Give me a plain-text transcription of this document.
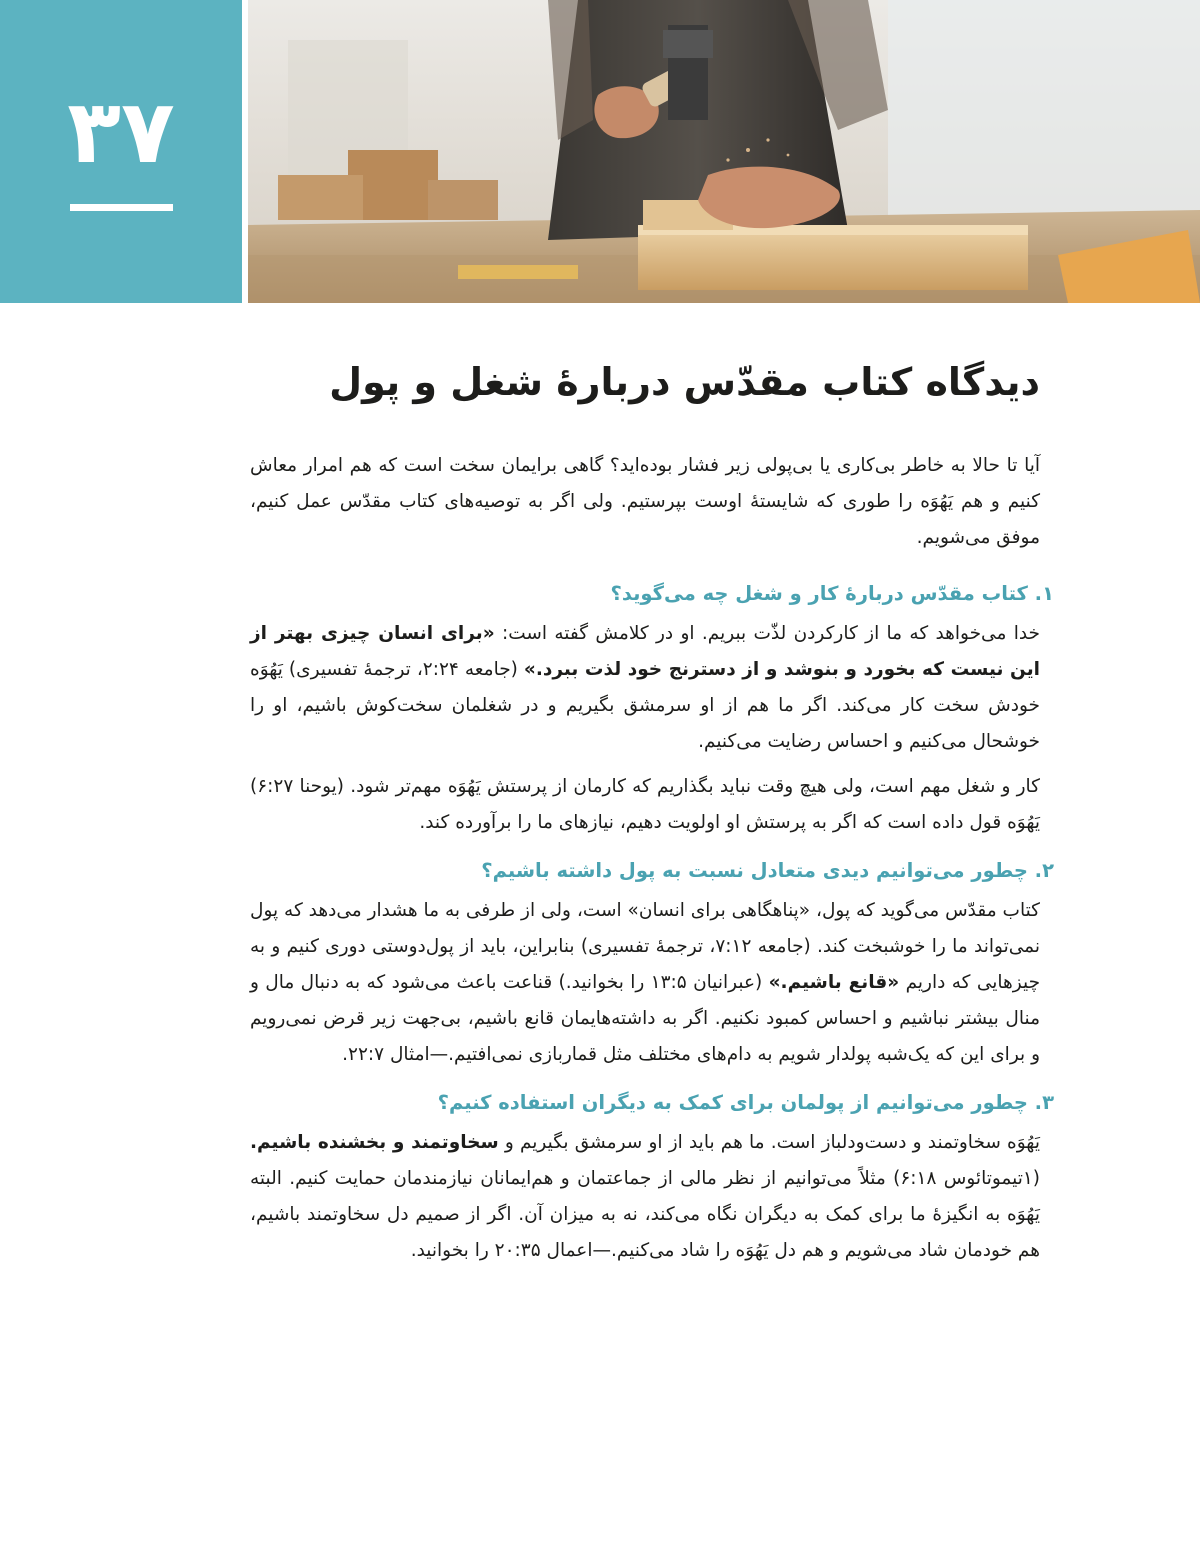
۳۷
دیدگاه کتاب مقدّس دربارهٔ شغل و پول

آیا تا حالا به خاطر بی‌کاری یا بی‌پولی زیر فشار بوده‌اید؟ گاهی برایمان سخت است که هم امرار معاش کنیم و هم یَهُوَه را طوری که شایستهٔ اوست بپرستیم. ولی اگر به توصیه‌های کتاب مقدّس عمل کنیم، موفق می‌شویم.

۱. کتاب مقدّس دربارهٔ کار و شغل چه می‌گوید؟

خدا می‌خواهد که ما از کارکردن لذّت ببریم. او در کلامش گفته است: «برای انسان چیزی بهتر از این نیست که بخورد و بنوشد و از دسترنج خود لذت ببرد.» (جامعه ۲:۲۴، ترجمهٔ تفسیری) یَهُوَه خودش سخت کار می‌کند. اگر ما هم از او سرمشق بگیریم و در شغلمان سخت‌کوش باشیم، او را خوشحال می‌کنیم و احساس رضایت می‌کنیم.

کار و شغل مهم است، ولی هیچ وقت نباید بگذاریم که کارمان از پرستش یَهُوَه مهم‌تر شود. (یوحنا ۶:۲۷) یَهُوَه قول داده است که اگر به پرستش او اولویت دهیم، نیازهای ما را برآورده کند.

۲. چطور می‌توانیم دیدی متعادل نسبت به پول داشته باشیم؟

کتاب مقدّس می‌گوید که پول، «پناهگاهی برای انسان» است، ولی از طرفی به ما هشدار می‌دهد که پول نمی‌تواند ما را خوشبخت کند. (جامعه ۷:۱۲، ترجمهٔ تفسیری) بنابراین، باید از پول‌دوستی دوری کنیم و به چیزهایی که داریم «قانع باشیم.» (عبرانیان ۱۳:۵ را بخوانید.) قناعت باعث می‌شود که به دنبال مال و منال بیشتر نباشیم و احساس کمبود نکنیم. اگر به داشته‌هایمان قانع باشیم، بی‌جهت زیر قرض نمی‌رویم و برای این که یک‌شبه پولدار شویم به دام‌های مختلف مثل قماربازی نمی‌افتیم.—امثال ۲۲:۷.

۳. چطور می‌توانیم از پولمان برای کمک به دیگران استفاده کنیم؟

یَهُوَه سخاوتمند و دست‌ودلباز است. ما هم باید از او سرمشق بگیریم و سخاوتمند و بخشنده باشیم. (۱تیموتائوس ۶:۱۸) مثلاً می‌توانیم از نظر مالی از جماعتمان و هم‌ایمانان نیازمندمان حمایت کنیم. البته یَهُوَه به انگیزهٔ ما برای کمک به دیگران نگاه می‌کند، نه به میزان آن. اگر از صمیم دل سخاوتمند باشیم، هم خودمان شاد می‌شویم و هم دل یَهُوَه را شاد می‌کنیم.—اعمال ۲۰:۳۵ را بخوانید.
